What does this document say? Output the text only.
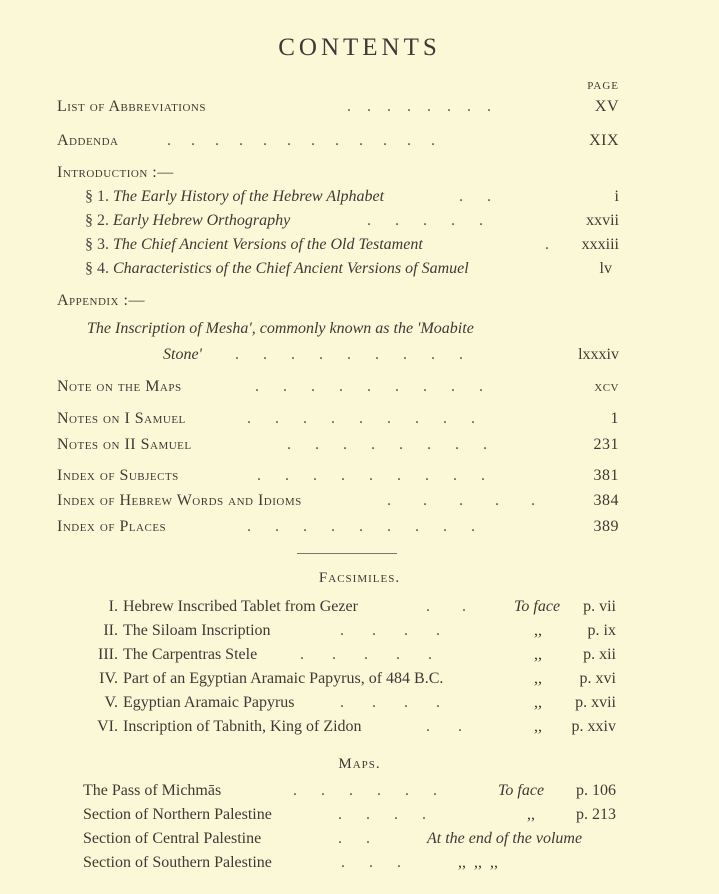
CONTENTS
PAGE
List of Abbreviations	.    .    .    .    .    .    .    .	XV
Addenda	.     .     .     .     .     .     .     .     .     .     .     .	XIX
Introduction :—
§ 1. The Early History of the Hebrew Alphabet	.      .	i
§ 2. Early Hebrew Orthography	.      .      .      .      .	xxvii
§ 3. The Chief Ancient Versions of the Old Testament	. xxxiii
§ 4. Characteristics of the Chief Ancient Versions of Samuel	lv
Appendix :—
The Inscription of Mesha', commonly known as the 'Moabite
Stone' .      .      .      .      .      .      .      .      .	lxxxiv
Note on the Maps	.      .      .      .      .      .      .      .      .	xcv
Notes on I Samuel	.      .      .      .      .      .      .      .      .	1
Notes on II Samuel	.      .      .      .      .      .      .      .	231
Index of Subjects	.      .      .      .      .      .      .      .      .	381
Index of Hebrew Words and Idioms	.        .        .        .        .	384
Index of Places	.      .      .      .      .      .      .      .      .	389
Facsimiles.
I. Hebrew Inscribed Tablet from Gezer	.        .	To face p. vii
II. The Siloam Inscription	.       .       .       .	,,	p. ix
III. The Carpentras Stele	.       .       .       .       .	,,	p. xii
IV. Part of an Egyptian Aramaic Papyrus, of 484 B.C.	,, p. xvi
V. Egyptian Aramaic Papyrus	.       .       .       .	,, p. xvii
VI. Inscription of Tabnith, King of Zidon	.       .	,, p. xxiv
Maps.
The Pass of Michmās	.      .      .      .      .      .	To face p. 106
Section of Northern Palestine	.      .      .      .	,,	p. 213
Section of Central Palestine	.      .	At the end of the volume
Section of Southern Palestine	.      .      .	,,  ,,  ,,
